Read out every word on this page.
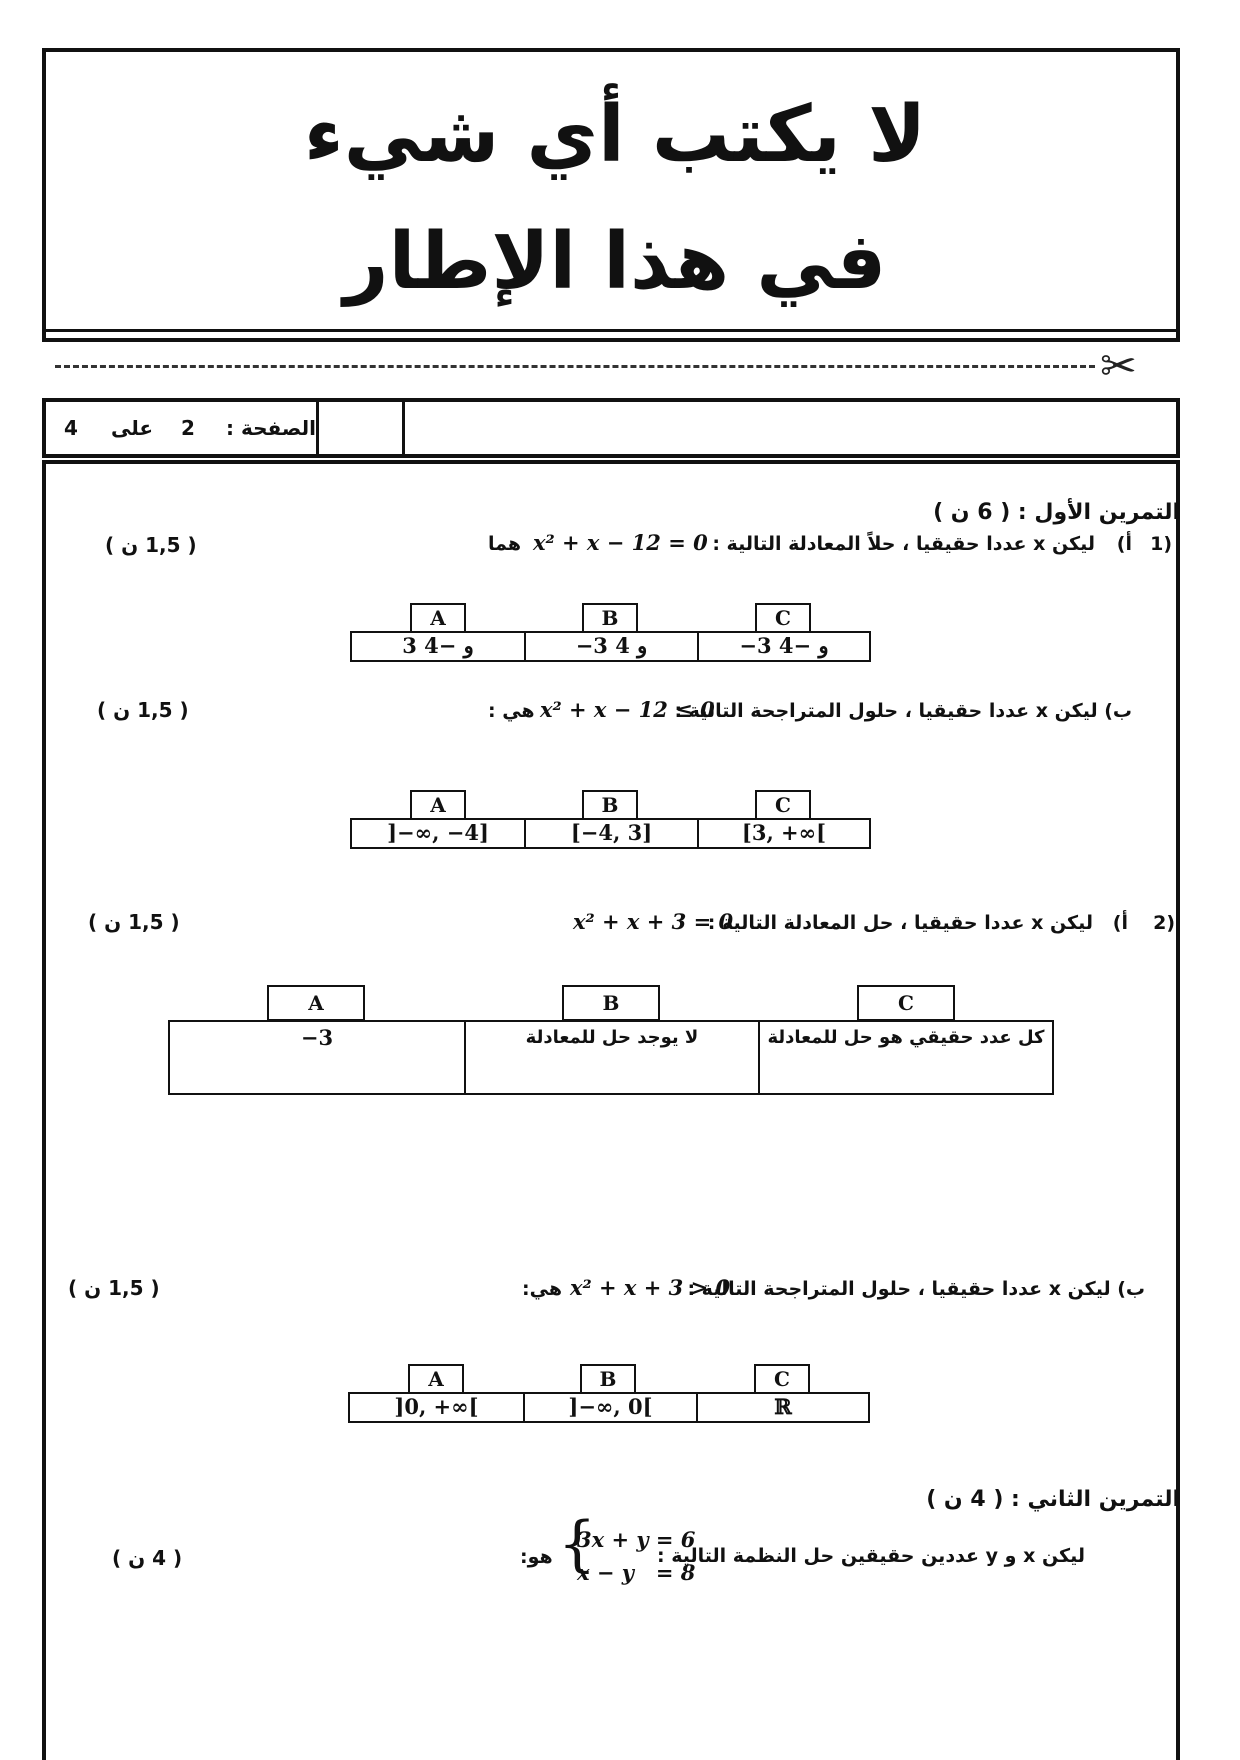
لا يكتب أي شيء
في هذا الإطار
✂
4 على 2 الصفحة :
التمرين الأول : ( 6 ن )
1)
أ)
ليكن x عددا حقيقيا ، حلاً المعادلة التالية :
x² + x − 12 = 0
هما
( 1,5 ن )
A	B	C
3 و −4	−3 و 4	−3 و −4
ب) ليكن x عددا حقيقيا ، حلول المتراجحة التالية :
x² + x − 12 ≤ 0
هي :
( 1,5 ن )
A	B	C
]−∞, −4]	[−4, 3]	[3, +∞[
2)
أ)
ليكن x عددا حقيقيا ، حل المعادلة التالية :
x² + x + 3 = 0
( 1,5 ن )
A	B	C
−3	لا يوجد حل للمعادلة	كل عدد حقيقي هو حل للمعادلة
ب) ليكن x عددا حقيقيا ، حلول المتراجحة التالية :
x² + x + 3 > 0
هي:
( 1,5 ن )
A	B	C
]0, +∞[	]−∞, 0[	ℝ
التمرين الثاني : ( 4 ن )
ليكن x و y عددين حقيقين حل النظمة التالية :
{
3x + y = 6
x − y   = 8
هو:
( 4 ن )
